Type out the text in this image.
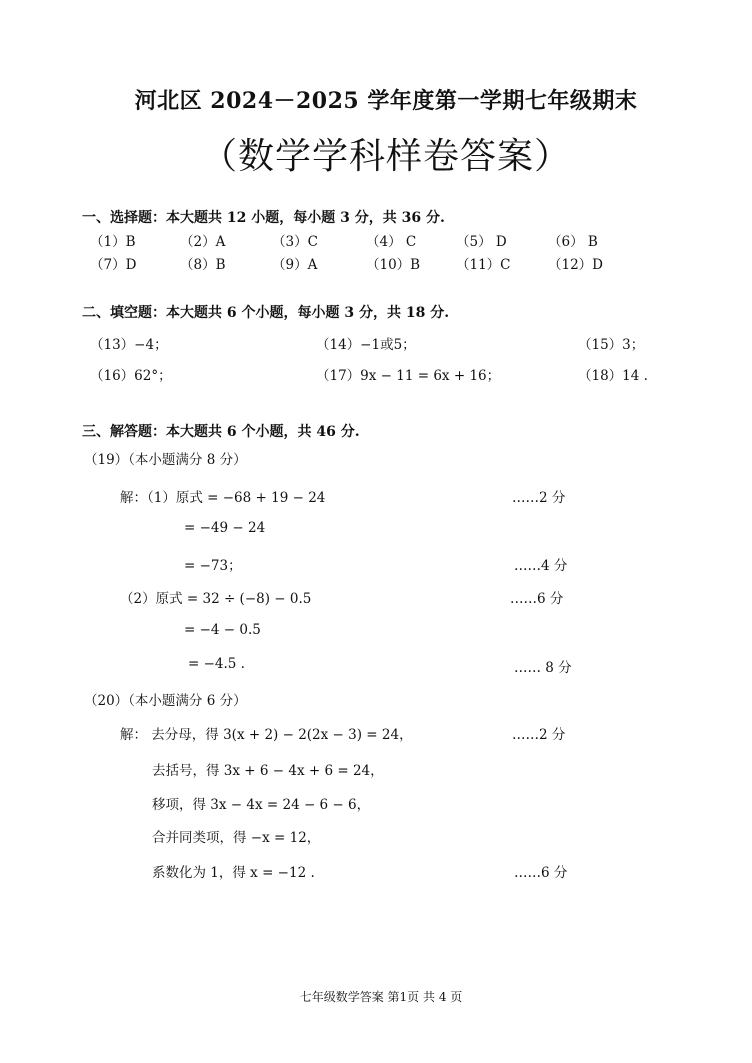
河北区 2024－2025 学年度第一学期七年级期末
（数学学科样卷答案）
一、选择题：本大题共 12 小题，每小题 3 分，共 36 分.
（1）B	（2）A	（3）C	（4） C	（5） D	（6） B
（7）D	（8）B	（9）A	（10）B	（11）C	（12）D
二、填空题：本大题共 6 个小题，每小题 3 分，共 18 分.
（13）−4；	（14）−1或5；	（15）3；
（16）62°；	（17）9x − 11 = 6x + 16；	（18）14 .
三、解答题：本大题共 6 个小题，共 46 分.
（19）（本小题满分 8 分）
解：（1）原式 = −68 + 19 − 24	……2 分
= −49 − 24
= −73；	……4 分
（2）原式 = 32 ÷ (−8) − 0.5	……6 分
= −4 − 0.5
= −4.5 .	…… 8 分
（20）（本小题满分 6 分）
解： 去分母，得 3(x + 2) − 2(2x − 3) = 24，	……2 分
去括号，得 3x + 6 − 4x + 6 = 24，
移项，得 3x − 4x = 24 − 6 − 6，
合并同类项，得 −x = 12，
系数化为 1，得 x = −12 .	……6 分
七年级数学答案 第1页 共 4 页
